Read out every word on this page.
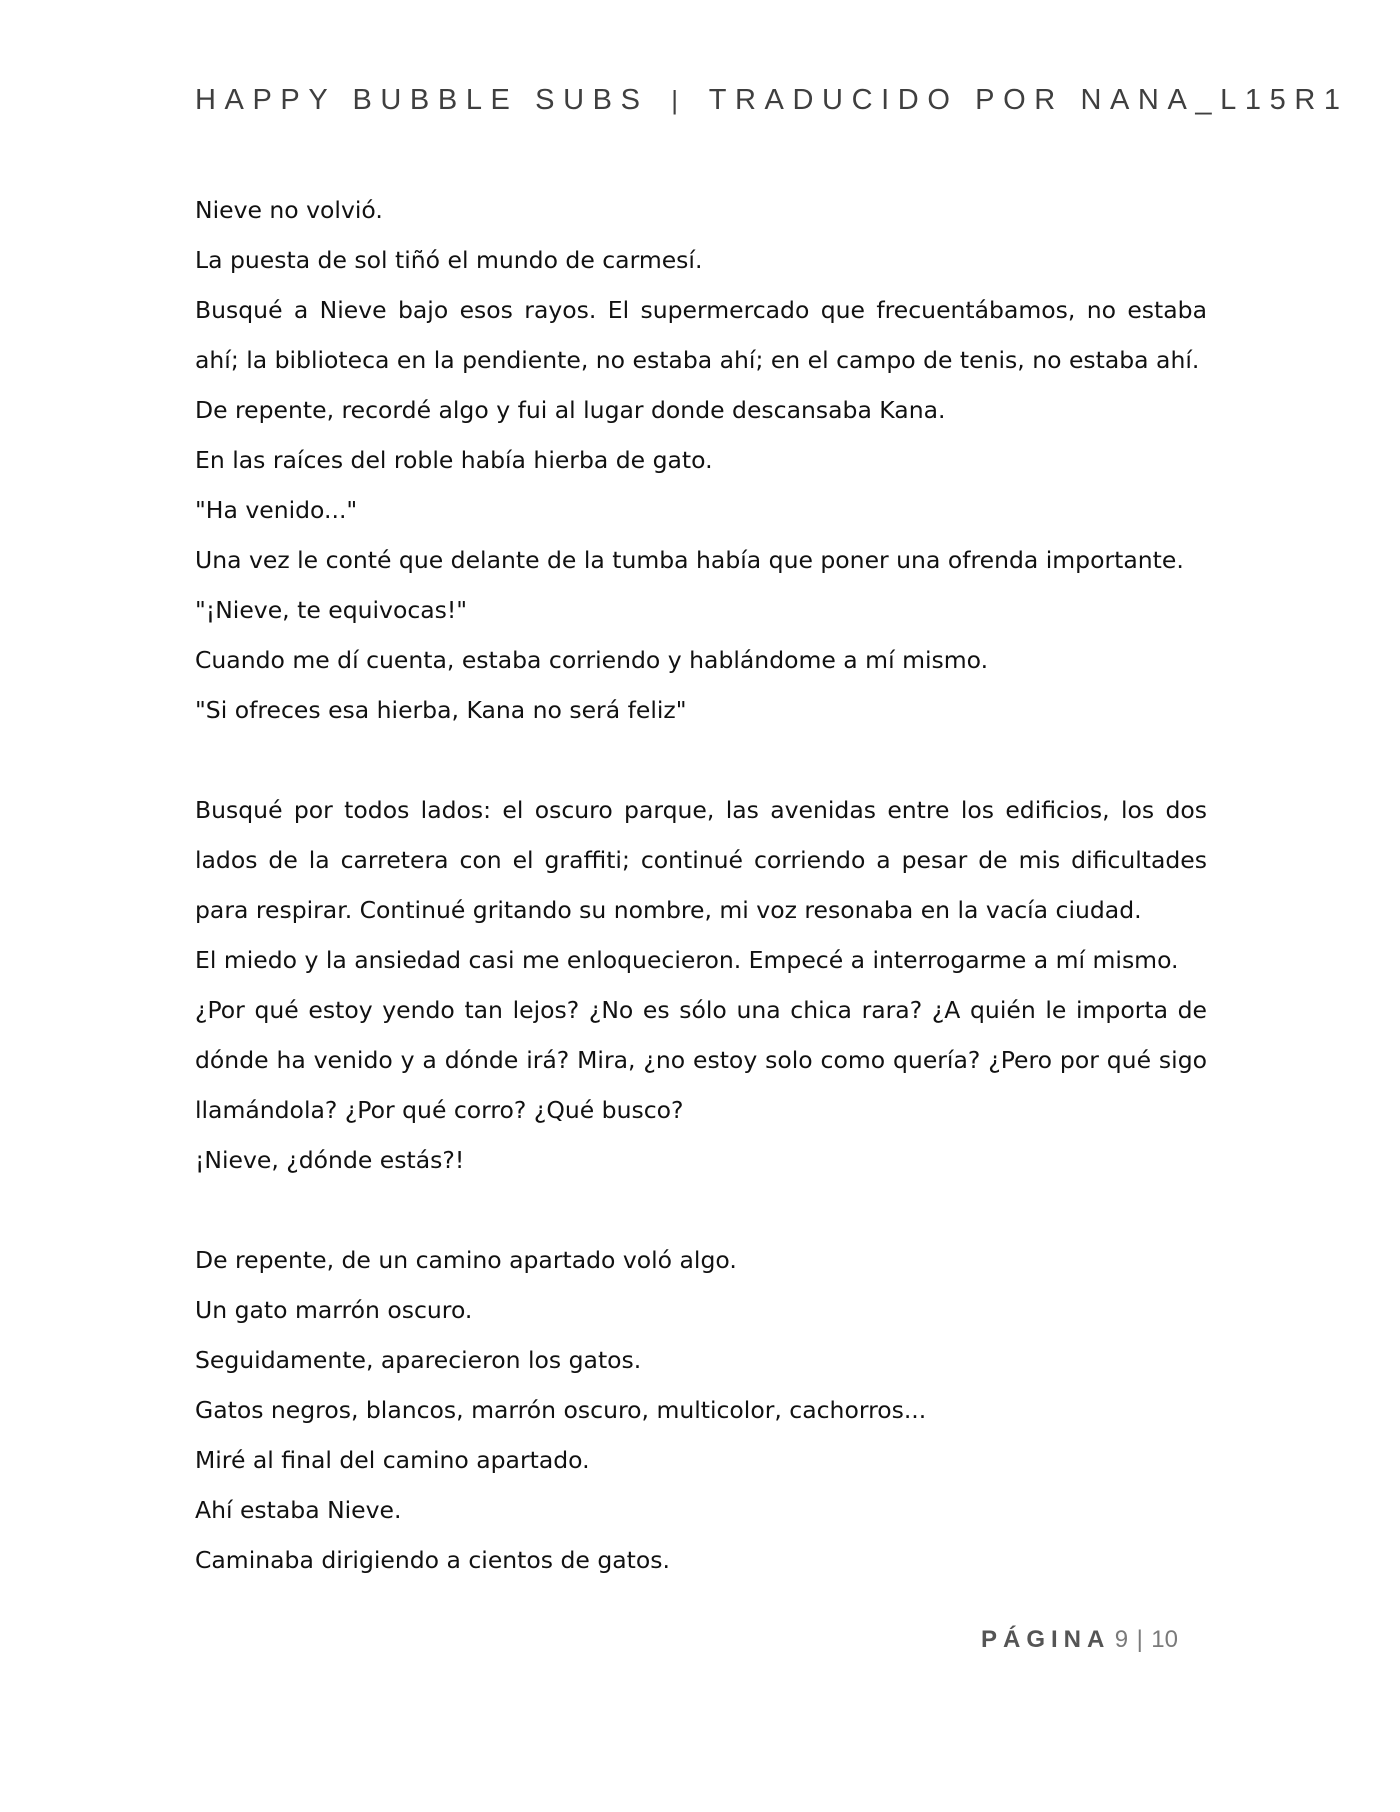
HAPPY BUBBLE SUBS | TRADUCIDO POR NANA_L15R1

Nieve no volvió.

La puesta de sol tiñó el mundo de carmesí.

Busqué a Nieve bajo esos rayos. El supermercado que frecuentábamos, no estaba ahí; la biblioteca en la pendiente, no estaba ahí; en el campo de tenis, no estaba ahí.

De repente, recordé algo y fui al lugar donde descansaba Kana.

En las raíces del roble había hierba de gato.

"Ha venido..."

Una vez le conté que delante de la tumba había que poner una ofrenda importante.

"¡Nieve, te equivocas!"

Cuando me dí cuenta, estaba corriendo y hablándome a mí mismo.

"Si ofreces esa hierba, Kana no será feliz"

Busqué por todos lados: el oscuro parque, las avenidas entre los edificios, los dos lados de la carretera con el graffiti; continué corriendo a pesar de mis dificultades para respirar. Continué gritando su nombre, mi voz resonaba en la vacía ciudad.

El miedo y la ansiedad casi me enloquecieron. Empecé a interrogarme a mí mismo.

¿Por qué estoy yendo tan lejos? ¿No es sólo una chica rara? ¿A quién le importa de dónde ha venido y a dónde irá? Mira, ¿no estoy solo como quería? ¿Pero por qué sigo llamándola? ¿Por qué corro? ¿Qué busco?

¡Nieve, ¿dónde estás?!

De repente, de un camino apartado voló algo.

Un gato marrón oscuro.

Seguidamente, aparecieron los gatos.

Gatos negros, blancos, marrón oscuro, multicolor, cachorros...

Miré al final del camino apartado.

Ahí estaba Nieve.

Caminaba dirigiendo a cientos de gatos.

PÁGINA 9 | 10
